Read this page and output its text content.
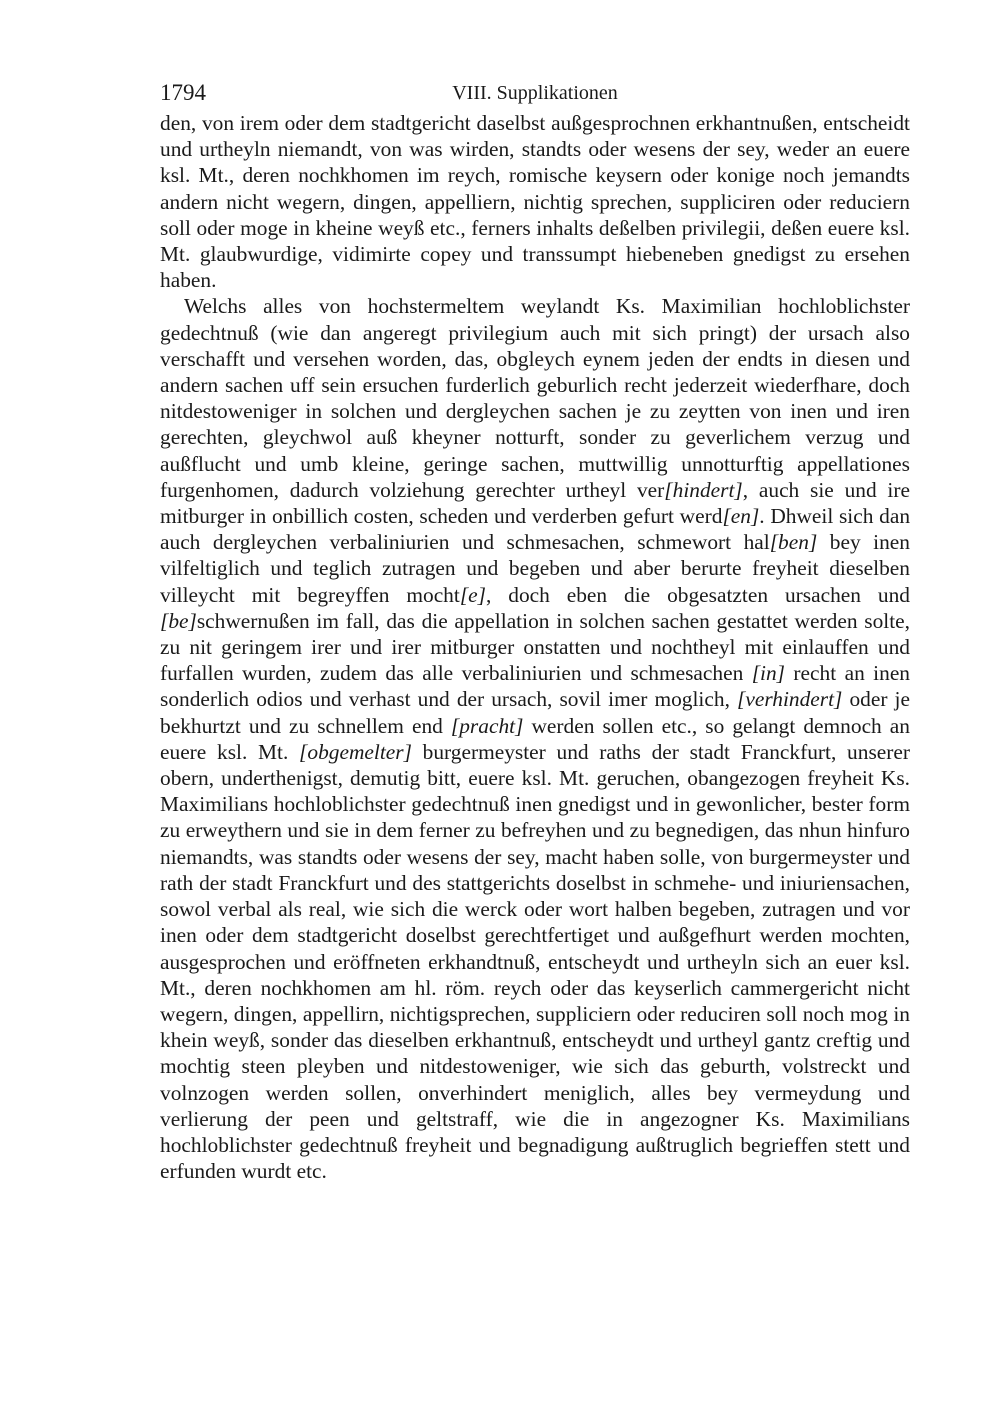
1794	VIII. Supplikationen

den, von irem oder dem stadtgericht daselbst außgesprochnen erkhantnußen, entscheidt und urtheyln niemandt, von was wirden, standts oder wesens der sey, weder an euere ksl. Mt., deren nochkhomen im reych, romische keysern oder konige noch jemandts andern nicht wegern, dingen, appelliern, nichtig sprechen, suppliciren oder reduciern soll oder moge in kheine weyß etc., ferners inhalts deßelben privilegii, deßen euere ksl. Mt. glaubwurdige, vidimirte copey und transsumpt hiebeneben gnedigst zu ersehen haben.

Welchs alles von hochstermeltem weylandt Ks. Maximilian hochloblichster gedechtnuß (wie dan angeregt privilegium auch mit sich pringt) der ursach also verschafft und versehen worden, das, obgleych eynem jeden der endts in diesen und andern sachen uff sein ersuchen furderlich geburlich recht jederzeit wiederfhare, doch nitdestoweniger in solchen und dergleychen sachen je zu zeytten von inen und iren gerechten, gleychwol auß kheyner notturft, sonder zu geverlichem verzug und außflucht und umb kleine, geringe sachen, muttwillig unnotturftig appellationes furgenhomen, dadurch volziehung gerechter urtheyl ver[hindert], auch sie und ire mitburger in onbillich costen, scheden und verderben gefurt werd[en]. Dhweil sich dan auch dergleychen verbaliniurien und schmesachen, schmewort hal[ben] bey inen vilfeltiglich und teglich zutragen und begeben und aber berurte freyheit dieselben villeycht mit begreyffen mocht[e], doch eben die obgesatzten ursachen und [be]schwernußen im fall, das die appellation in solchen sachen gestattet werden solte, zu nit geringem irer und irer mitburger onstatten und nochtheyl mit einlauffen und furfallen wurden, zudem das alle verbaliniurien und schmesachen [in] recht an inen sonderlich odios und verhast und der ursach, sovil imer moglich, [verhindert] oder je bekhurtzt und zu schnellem end [pracht] werden sollen etc., so gelangt demnoch an euere ksl. Mt. [obgemelter] burgermeyster und raths der stadt Franckfurt, unserer obern, underthenigst, demutig bitt, euere ksl. Mt. geruchen, obangezogen freyheit Ks. Maximilians hochloblichster gedechtnuß inen gnedigst und in gewonlicher, bester form zu erweythern und sie in dem ferner zu befreyhen und zu begnedigen, das nhun hinfuro niemandts, was standts oder wesens der sey, macht haben solle, von burgermeyster und rath der stadt Franckfurt und des stattgerichts doselbst in schmehe- und iniuriensachen, sowol verbal als real, wie sich die werck oder wort halben begeben, zutragen und vor inen oder dem stadtgericht doselbst gerechtfertiget und außgefhurt werden mochten, ausgesprochen und eröffneten erkhandtnuß, entscheydt und urtheyln sich an euer ksl. Mt., deren nochkhomen am hl. röm. reych oder das keyserlich cammergericht nicht wegern, dingen, appellirn, nichtigsprechen, suppliciern oder reduciren soll noch mog in khein weyß, sonder das dieselben erkhantnuß, entscheydt und urtheyl gantz creftig und mochtig steen pleyben und nitdestoweniger, wie sich das geburth, volstreckt und volnzogen werden sollen, onverhindert meniglich, alles bey vermeydung und verlierung der peen und geltstraff, wie die in angezogner Ks. Maximilians hochloblichster gedechtnuß freyheit und begnadigung außtruglich begrieffen stett und erfunden wurdt etc.
